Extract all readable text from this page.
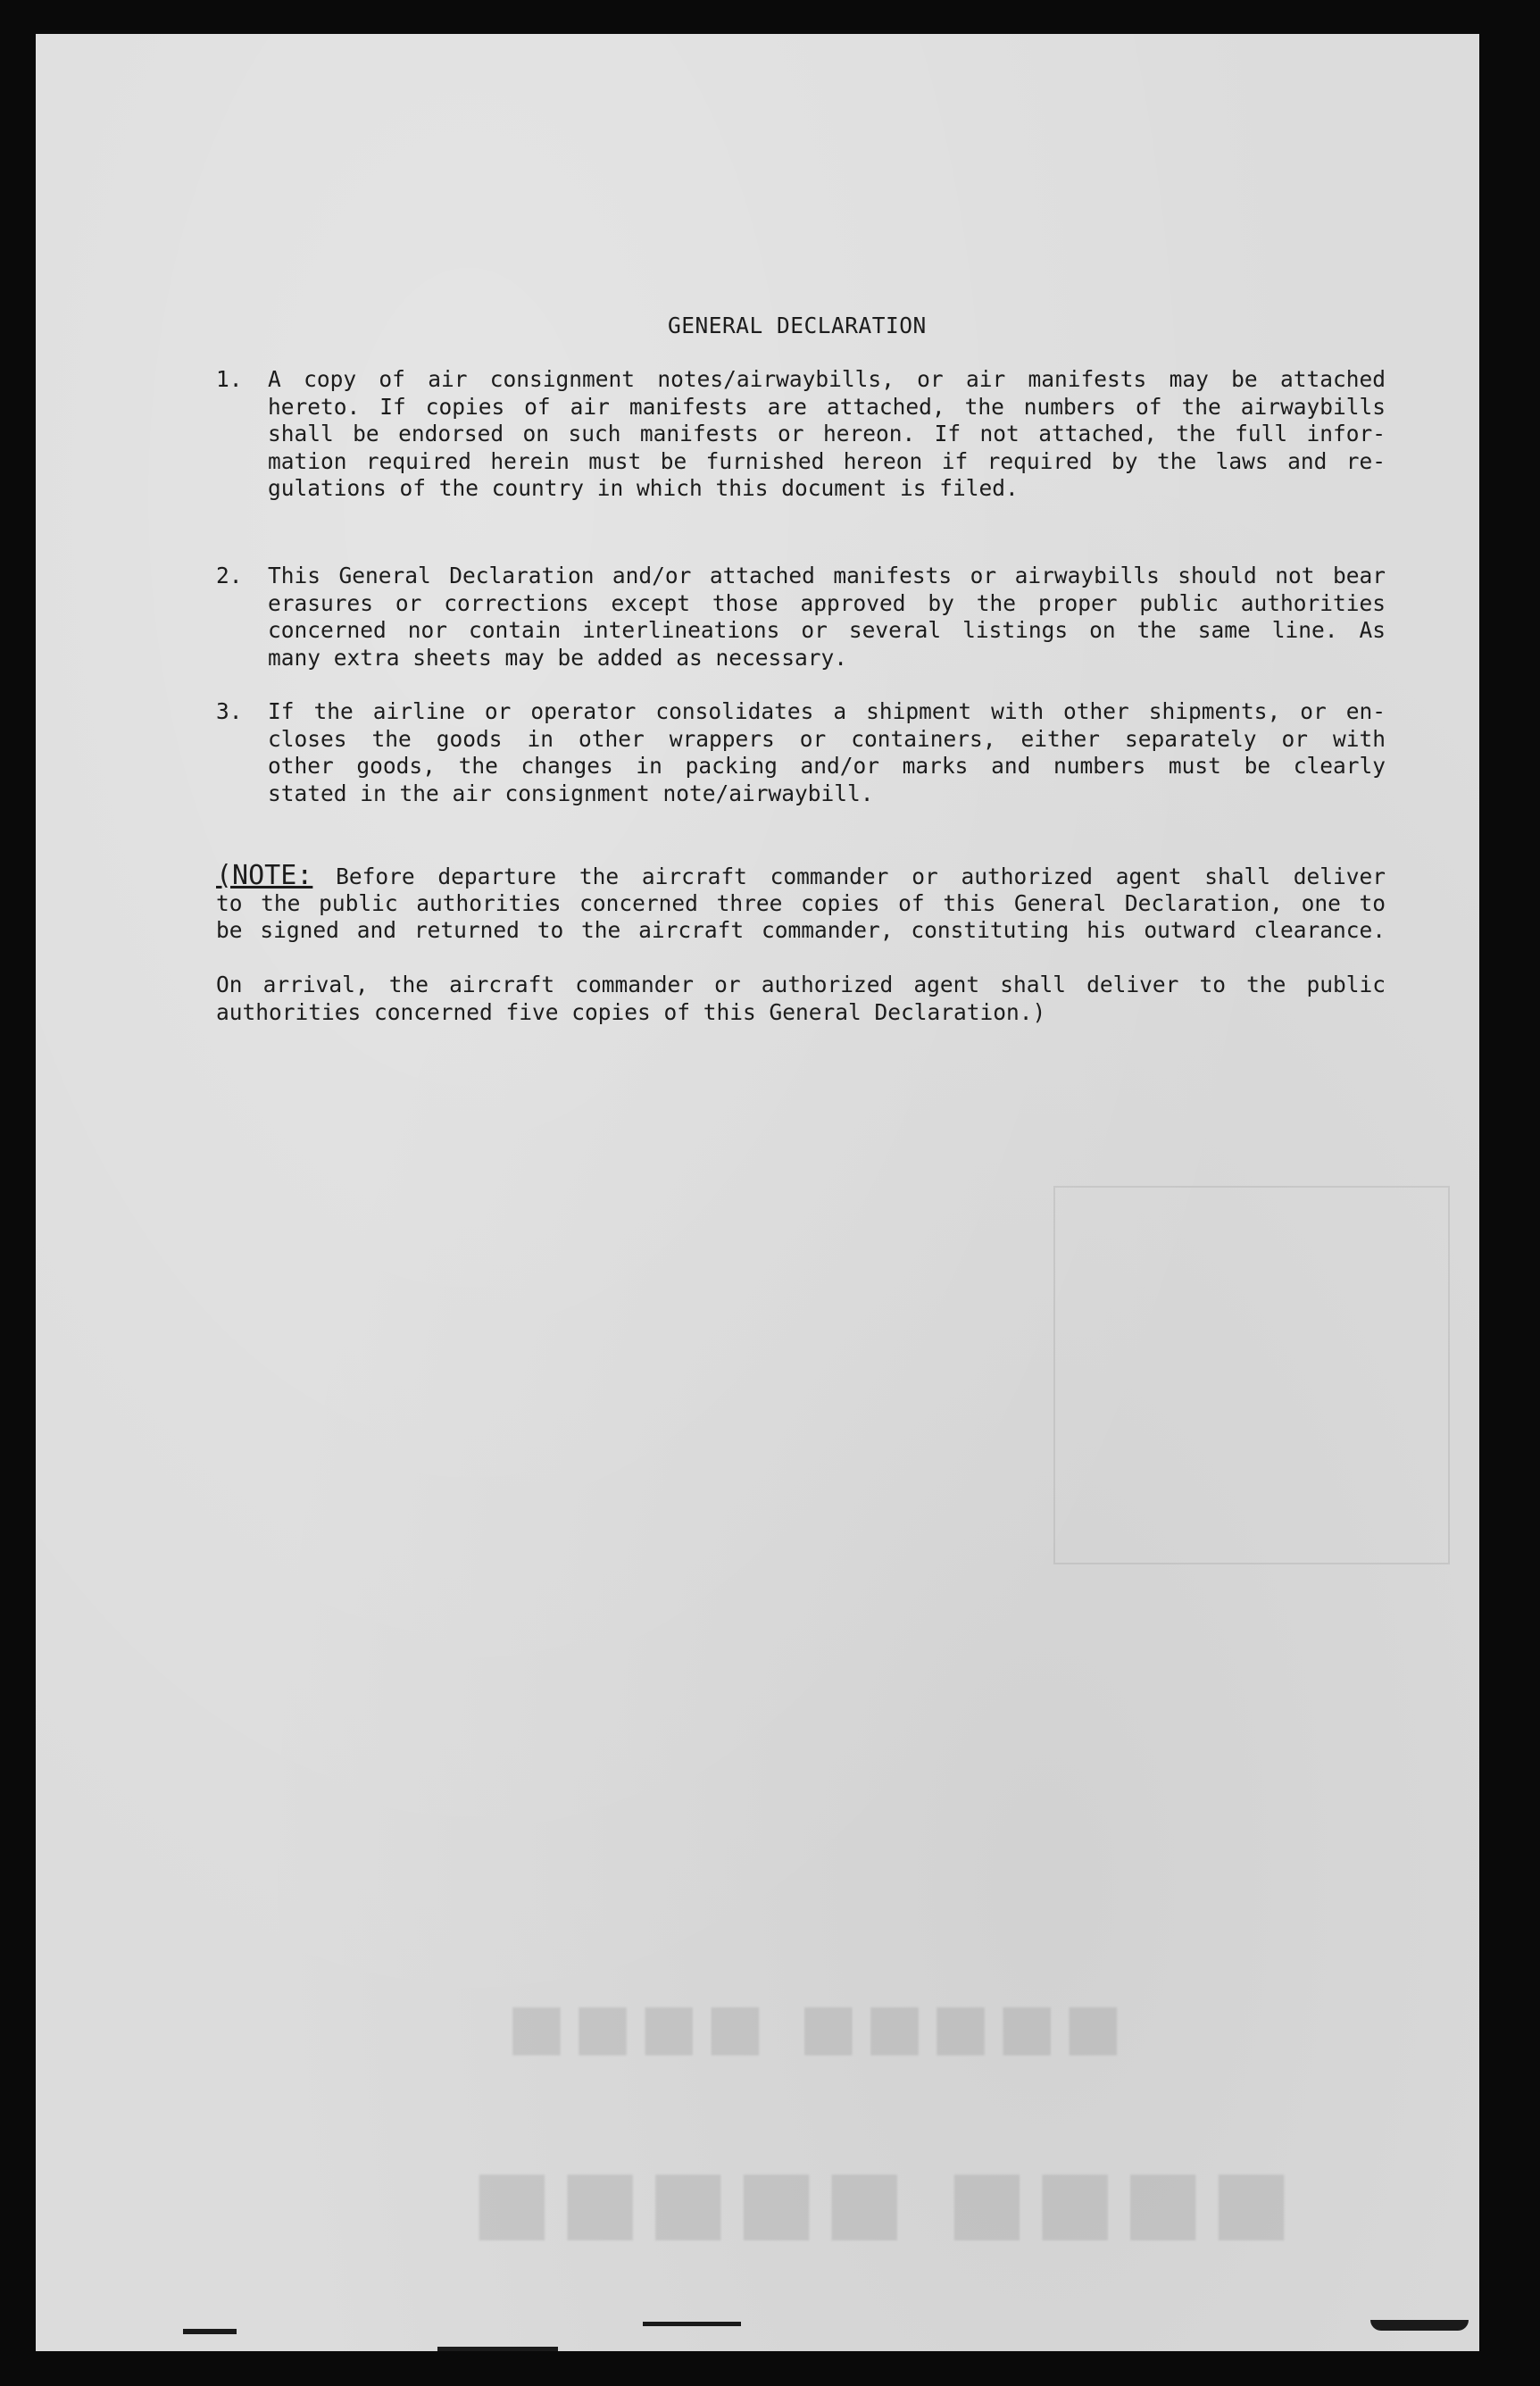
■■■■ ■■■■■
■■■■■ ■■■■
GENERAL DECLARATION
1. A copy of air consignment notes/airwaybills, or air manifests may be attached
hereto. If copies of air manifests are attached, the numbers of the airwaybills
shall be endorsed on such manifests or hereon. If not attached, the full infor-
mation required herein must be furnished hereon if required by the laws and re-
gulations of the country in which this document is filed.
2. This General Declaration and/or attached manifests or airwaybills should not bear
erasures or corrections except those approved by the proper public authorities
concerned nor contain interlineations or several listings on the same line. As
many extra sheets may be added as necessary.
3. If the airline or operator consolidates a shipment with other shipments, or en-
closes the goods in other wrappers or containers, either separately or with
other goods, the changes in packing and/or marks and numbers must be clearly
stated in the air consignment note/airwaybill.
(NOTE: Before departure the aircraft commander or authorized agent shall deliver
to the public authorities concerned three copies of this General Declaration, one to
be signed and returned to the aircraft commander, constituting his outward clearance.
On arrival, the aircraft commander or authorized agent shall deliver to the public
authorities concerned five copies of this General Declaration.)
